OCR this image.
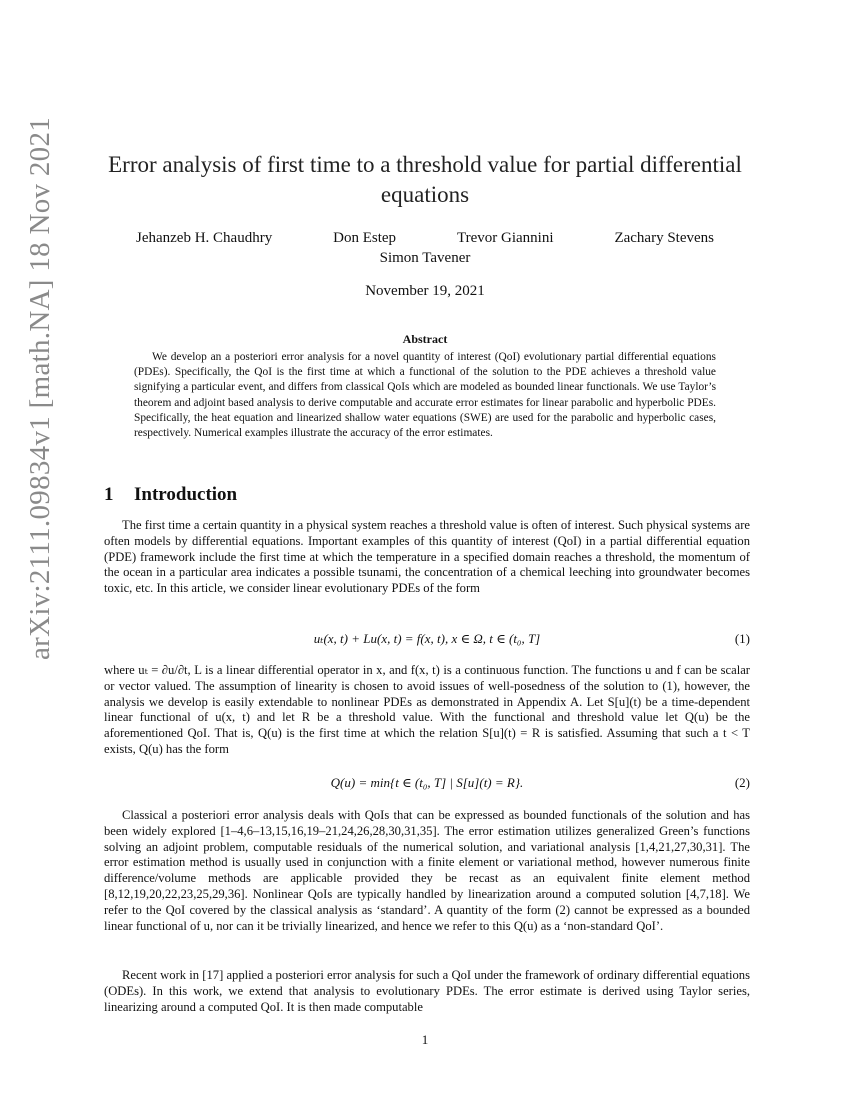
arXiv:2111.09834v1 [math.NA] 18 Nov 2021	Error analysis of first time to a threshold value for partial differential equations
Jehanzeb H. Chaudhry	Don Estep	Trevor Giannini	Zachary Stevens
Simon Tavener
November 19, 2021
Abstract
We develop an a posteriori error analysis for a novel quantity of interest (QoI) evolutionary partial differential equations (PDEs). Specifically, the QoI is the first time at which a functional of the solution to the PDE achieves a threshold value signifying a particular event, and differs from classical QoIs which are modeled as bounded linear functionals. We use Taylor’s theorem and adjoint based analysis to derive computable and accurate error estimates for linear parabolic and hyperbolic PDEs. Specifically, the heat equation and linearized shallow water equations (SWE) are used for the parabolic and hyperbolic cases, respectively. Numerical examples illustrate the accuracy of the error estimates.
1 Introduction
The first time a certain quantity in a physical system reaches a threshold value is often of interest. Such physical systems are often models by differential equations. Important examples of this quantity of interest (QoI) in a partial differential equation (PDE) framework include the first time at which the temperature in a specified domain reaches a threshold, the momentum of the ocean in a particular area indicates a possible tsunami, the concentration of a chemical leeching into groundwater becomes toxic, etc. In this article, we consider linear evolutionary PDEs of the form
uₜ(x, t) + Lu(x, t) = f(x, t), x ∈ Ω, t ∈ (t₀, T]	(1)
where uₜ = ∂u/∂t, L is a linear differential operator in x, and f(x, t) is a continuous function. The functions u and f can be scalar or vector valued. The assumption of linearity is chosen to avoid issues of well-posedness of the solution to (1), however, the analysis we develop is easily extendable to nonlinear PDEs as demonstrated in Appendix A. Let S[u](t) be a time-dependent linear functional of u(x, t) and let R be a threshold value. With the functional and threshold value let Q(u) be the aforementioned QoI. That is, Q(u) is the first time at which the relation S[u](t) = R is satisfied. Assuming that such a t < T exists, Q(u) has the form
Q(u) = min{t ∈ (t₀, T] | S[u](t) = R}.	(2)
Classical a posteriori error analysis deals with QoIs that can be expressed as bounded functionals of the solution and has been widely explored [1–4,6–13,15,16,19–21,24,26,28,30,31,35]. The error estimation utilizes generalized Green’s functions solving an adjoint problem, computable residuals of the numerical solution, and variational analysis [1,4,21,27,30,31]. The error estimation method is usually used in conjunction with a finite element or variational method, however numerous finite difference/volume methods are applicable provided they be recast as an equivalent finite element method [8,12,19,20,22,23,25,29,36]. Nonlinear QoIs are typically handled by linearization around a computed solution [4,7,18]. We refer to the QoI covered by the classical analysis as ‘standard’. A quantity of the form (2) cannot be expressed as a bounded linear functional of u, nor can it be trivially linearized, and hence we refer to this Q(u) as a ‘non-standard QoI’.
Recent work in [17] applied a posteriori error analysis for such a QoI under the framework of ordinary differential equations (ODEs). In this work, we extend that analysis to evolutionary PDEs. The error estimate is derived using Taylor series, linearizing around a computed QoI. It is then made computable
1
